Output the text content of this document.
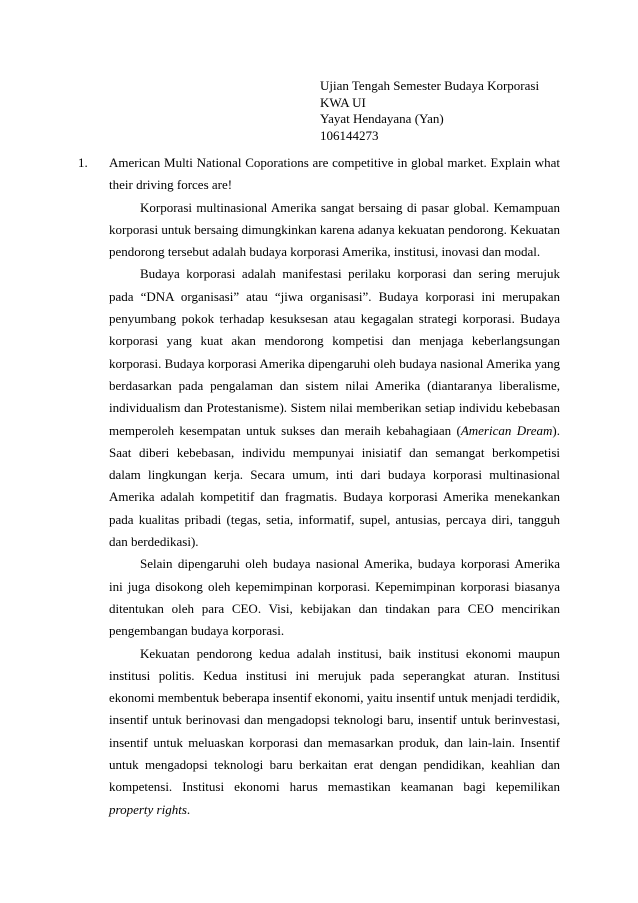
Ujian Tengah Semester Budaya Korporasi
KWA UI
Yayat Hendayana (Yan)
106144273
1. American Multi National Coporations are competitive in global market. Explain what their driving forces are!
Korporasi multinasional Amerika sangat bersaing di pasar global. Kemampuan korporasi untuk bersaing dimungkinkan karena adanya kekuatan pendorong. Kekuatan pendorong tersebut adalah budaya korporasi Amerika, institusi, inovasi dan modal.
Budaya korporasi adalah manifestasi perilaku korporasi dan sering merujuk pada “DNA organisasi” atau “jiwa organisasi”. Budaya korporasi ini merupakan penyumbang pokok terhadap kesuksesan atau kegagalan strategi korporasi. Budaya korporasi yang kuat akan mendorong kompetisi dan menjaga keberlangsungan korporasi. Budaya korporasi Amerika dipengaruhi oleh budaya nasional Amerika yang berdasarkan pada pengalaman dan sistem nilai Amerika (diantaranya liberalisme, individualism dan Protestanisme). Sistem nilai memberikan setiap individu kebebasan memperoleh kesempatan untuk sukses dan meraih kebahagiaan (American Dream). Saat diberi kebebasan, individu mempunyai inisiatif dan semangat berkompetisi dalam lingkungan kerja. Secara umum, inti dari budaya korporasi multinasional Amerika adalah kompetitif dan fragmatis. Budaya korporasi Amerika menekankan pada kualitas pribadi (tegas, setia, informatif, supel, antusias, percaya diri, tangguh dan berdedikasi).
Selain dipengaruhi oleh budaya nasional Amerika, budaya korporasi Amerika ini juga disokong oleh kepemimpinan korporasi. Kepemimpinan korporasi biasanya ditentukan oleh para CEO. Visi, kebijakan dan tindakan para CEO mencirikan pengembangan budaya korporasi.
Kekuatan pendorong kedua adalah institusi, baik institusi ekonomi maupun institusi politis. Kedua institusi ini merujuk pada seperangkat aturan. Institusi ekonomi membentuk beberapa insentif ekonomi, yaitu insentif untuk menjadi terdidik, insentif untuk berinovasi dan mengadopsi teknologi baru, insentif untuk berinvestasi, insentif untuk meluaskan korporasi dan memasarkan produk, dan lain-lain. Insentif untuk mengadopsi teknologi baru berkaitan erat dengan pendidikan, keahlian dan kompetensi. Institusi ekonomi harus memastikan keamanan bagi kepemilikan property rights.
